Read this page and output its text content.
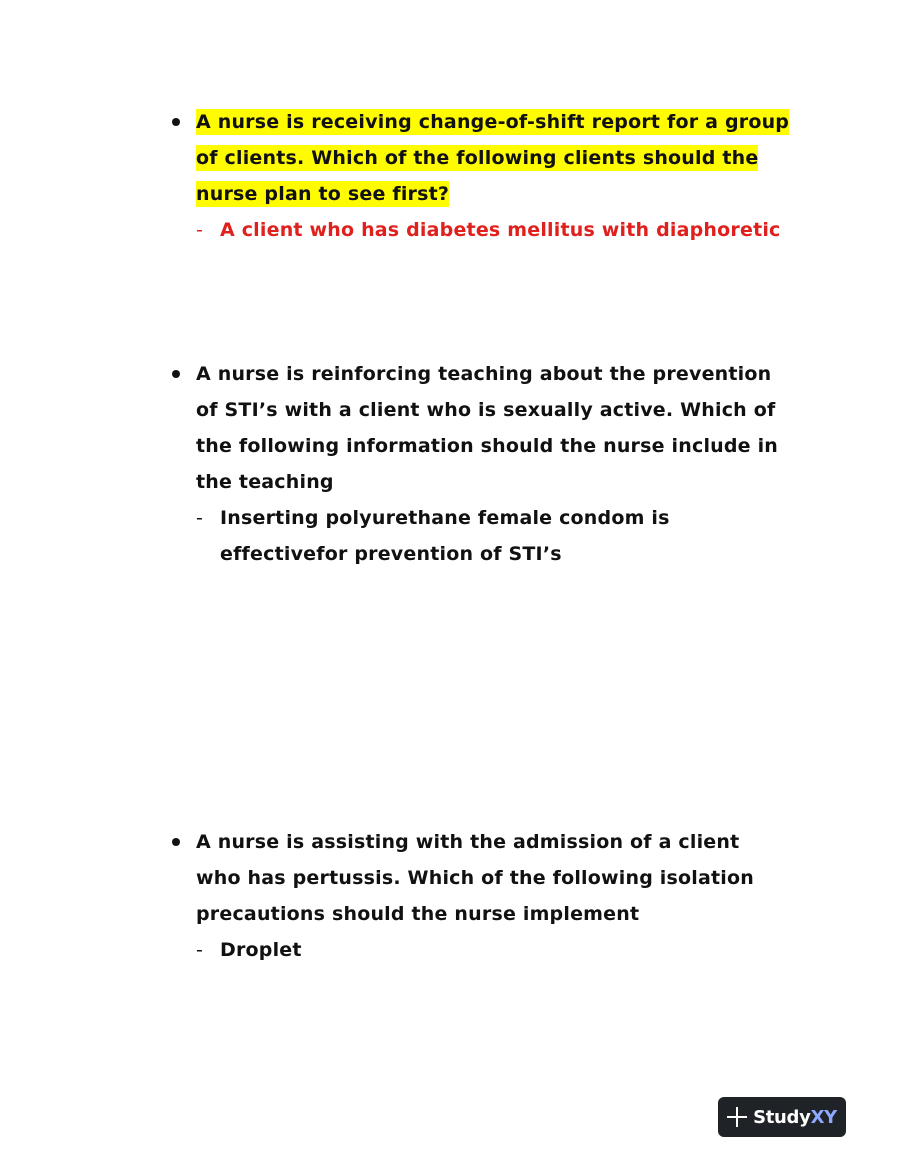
A nurse is receiving change-of-shift report for a group of clients. Which of the following clients should the nurse plan to see first?
- A client who has diabetes mellitus with diaphoretic
A nurse is reinforcing teaching about the prevention of STI’s with a client who is sexually active. Which of the following information should the nurse include in the teaching
- Inserting polyurethane female condom is effectivefor prevention of STI’s
A nurse is assisting with the admission of a client who has pertussis. Which of the following isolation precautions should the nurse implement
- Droplet
StudyXY
